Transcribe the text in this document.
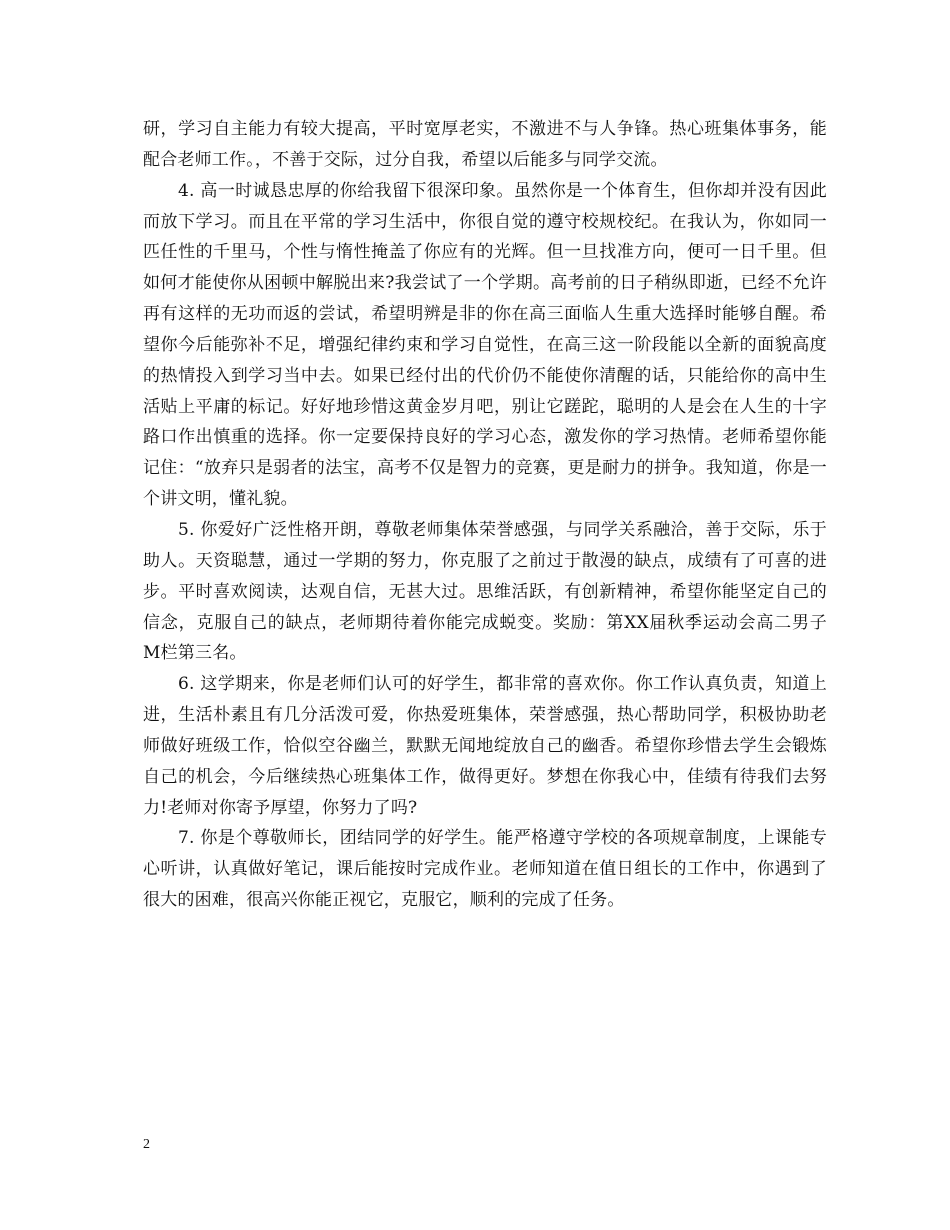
研，学习自主能力有较大提高，平时宽厚老实，不激进不与人争锋。热心班集体事务，能配合老师工作。，不善于交际，过分自我，希望以后能多与同学交流。

4. 高一时诚恳忠厚的你给我留下很深印象。虽然你是一个体育生，但你却并没有因此而放下学习。而且在平常的学习生活中，你很自觉的遵守校规校纪。在我认为，你如同一匹任性的千里马，个性与惰性掩盖了你应有的光辉。但一旦找准方向，便可一日千里。但如何才能使你从困顿中解脱出来?我尝试了一个学期。高考前的日子稍纵即逝，已经不允许再有这样的无功而返的尝试，希望明辨是非的你在高三面临人生重大选择时能够自醒。希望你今后能弥补不足，增强纪律约束和学习自觉性，在高三这一阶段能以全新的面貌高度的热情投入到学习当中去。如果已经付出的代价仍不能使你清醒的话，只能给你的高中生活贴上平庸的标记。好好地珍惜这黄金岁月吧，别让它蹉跎，聪明的人是会在人生的十字路口作出慎重的选择。你一定要保持良好的学习心态，激发你的学习热情。老师希望你能记住：“放弃只是弱者的法宝，高考不仅是智力的竞赛，更是耐力的拼争。我知道，你是一个讲文明，懂礼貌。

5. 你爱好广泛性格开朗，尊敬老师集体荣誉感强，与同学关系融洽，善于交际，乐于助人。天资聪慧，通过一学期的努力，你克服了之前过于散漫的缺点，成绩有了可喜的进步。平时喜欢阅读，达观自信，无甚大过。思维活跃，有创新精神，希望你能坚定自己的信念，克服自己的缺点，老师期待着你能完成蜕变。奖励：第XX届秋季运动会高二男子 M栏第三名。

6. 这学期来，你是老师们认可的好学生，都非常的喜欢你。你工作认真负责，知道上进，生活朴素且有几分活泼可爱，你热爱班集体，荣誉感强，热心帮助同学，积极协助老师做好班级工作，恰似空谷幽兰，默默无闻地绽放自己的幽香。希望你珍惜去学生会锻炼自己的机会，今后继续热心班集体工作，做得更好。梦想在你我心中，佳绩有待我们去努力!老师对你寄予厚望，你努力了吗?

7. 你是个尊敬师长，团结同学的好学生。能严格遵守学校的各项规章制度，上课能专心听讲，认真做好笔记，课后能按时完成作业。老师知道在值日组长的工作中，你遇到了很大的困难，很高兴你能正视它，克服它，顺利的完成了任务。

2
